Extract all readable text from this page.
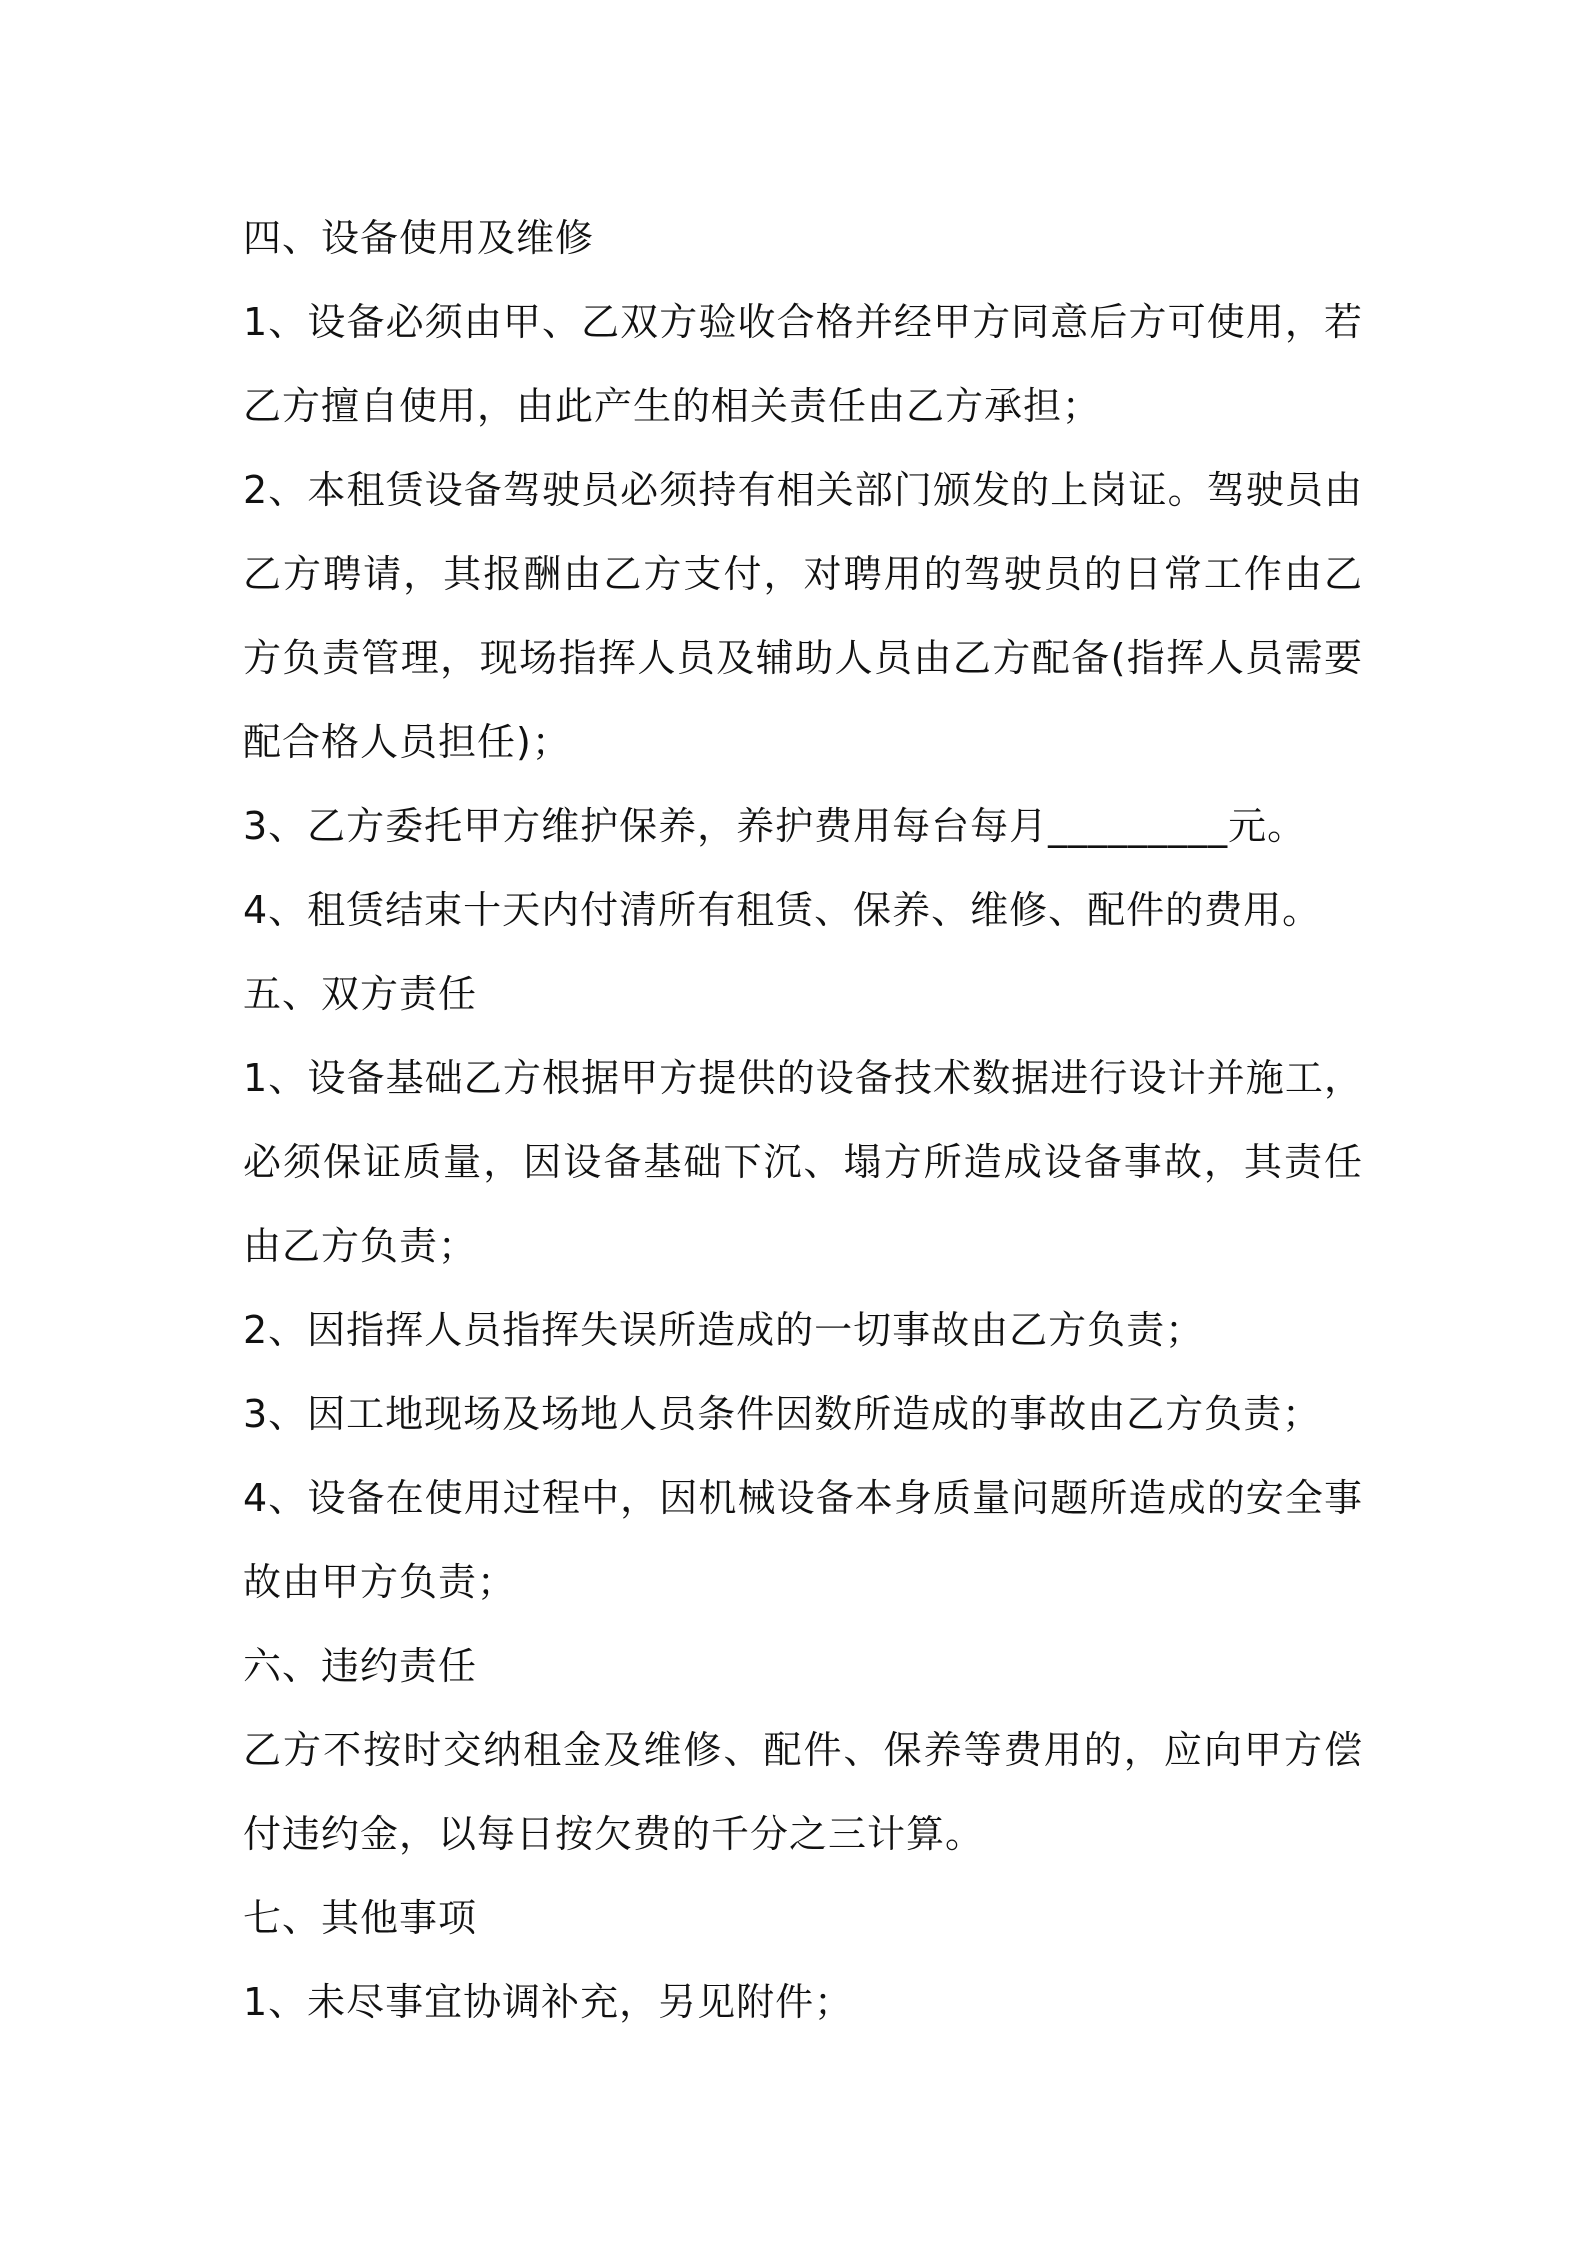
四、设备使用及维修

1、设备必须由甲、乙双方验收合格并经甲方同意后方可使用，若乙方擅自使用，由此产生的相关责任由乙方承担；

2、本租赁设备驾驶员必须持有相关部门颁发的上岗证。驾驶员由乙方聘请，其报酬由乙方支付，对聘用的驾驶员的日常工作由乙方负责管理，现场指挥人员及辅助人员由乙方配备(指挥人员需要配合格人员担任)；

3、乙方委托甲方维护保养，养护费用每台每月_________元。

4、租赁结束十天内付清所有租赁、保养、维修、配件的费用。

五、双方责任

1、设备基础乙方根据甲方提供的设备技术数据进行设计并施工，必须保证质量，因设备基础下沉、塌方所造成设备事故，其责任由乙方负责；

2、因指挥人员指挥失误所造成的一切事故由乙方负责；

3、因工地现场及场地人员条件因数所造成的事故由乙方负责；

4、设备在使用过程中，因机械设备本身质量问题所造成的安全事故由甲方负责；

六、违约责任

乙方不按时交纳租金及维修、配件、保养等费用的，应向甲方偿付违约金，以每日按欠费的千分之三计算。

七、其他事项

1、未尽事宜协调补充，另见附件；
